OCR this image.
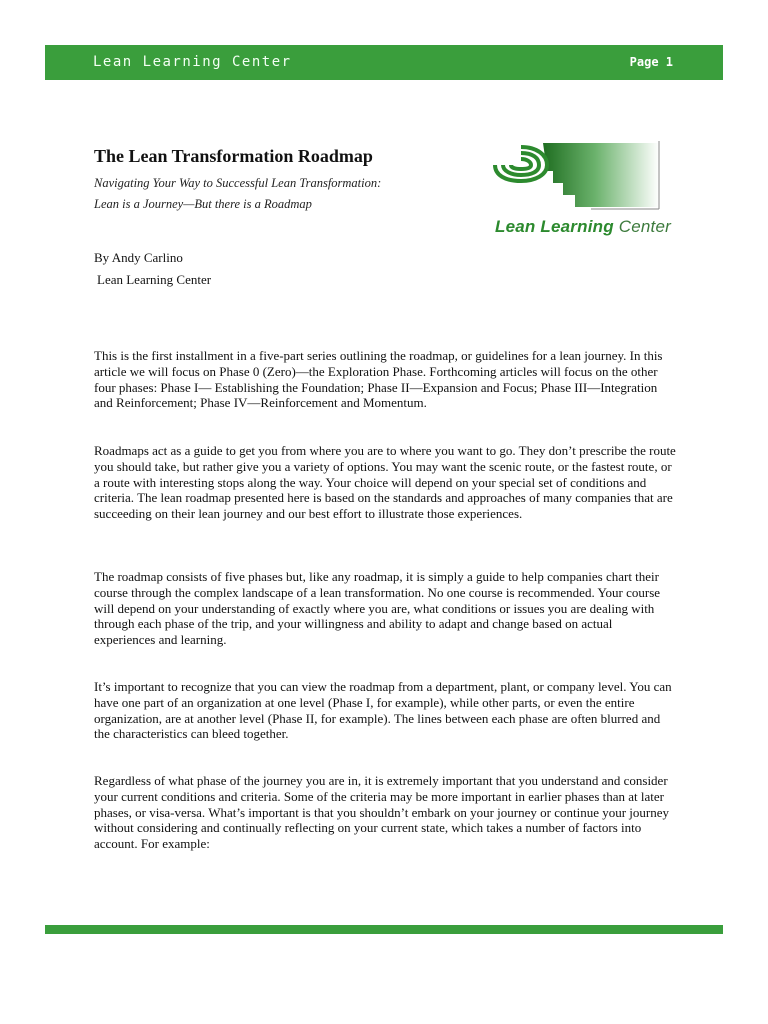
Lean Learning Center	Page 1
The Lean Transformation Roadmap
Navigating Your Way to Successful Lean Transformation:
Lean is a Journey—But there is a Roadmap
By Andy Carlino
Lean Learning Center
Lean Learning Center

This is the first installment in a five-part series outlining the roadmap, or guidelines for a lean journey. In this article we will focus on Phase 0 (Zero)—the Exploration Phase. Forthcoming articles will focus on the other four phases: Phase I— Establishing the Foundation; Phase II—Expansion and Focus; Phase III—Integration and Reinforcement; Phase IV—Reinforcement and Momentum.

Roadmaps act as a guide to get you from where you are to where you want to go. They don’t prescribe the route you should take, but rather give you a variety of options. You may want the scenic route, or the fastest route, or a route with interesting stops along the way. Your choice will depend on your special set of conditions and criteria. The lean roadmap presented here is based on the standards and approaches of many companies that are succeeding on their lean journey and our best effort to illustrate those experiences.

The roadmap consists of five phases but, like any roadmap, it is simply a guide to help companies chart their course through the complex landscape of a lean transformation. No one course is recommended. Your course will depend on your understanding of exactly where you are, what conditions or issues you are dealing with through each phase of the trip, and your willingness and ability to adapt and change based on actual experiences and learning.

It’s important to recognize that you can view the roadmap from a department, plant, or company level. You can have one part of an organization at one level (Phase I, for example), while other parts, or even the entire organization, are at another level (Phase II, for example). The lines between each phase are often blurred and the characteristics can bleed together.

Regardless of what phase of the journey you are in, it is extremely important that you understand and consider your current conditions and criteria. Some of the criteria may be more important in earlier phases than at later phases, or visa-versa. What’s important is that you shouldn’t embark on your journey or continue your journey without considering and continually reflecting on your current state, which takes a number of factors into account. For example:
